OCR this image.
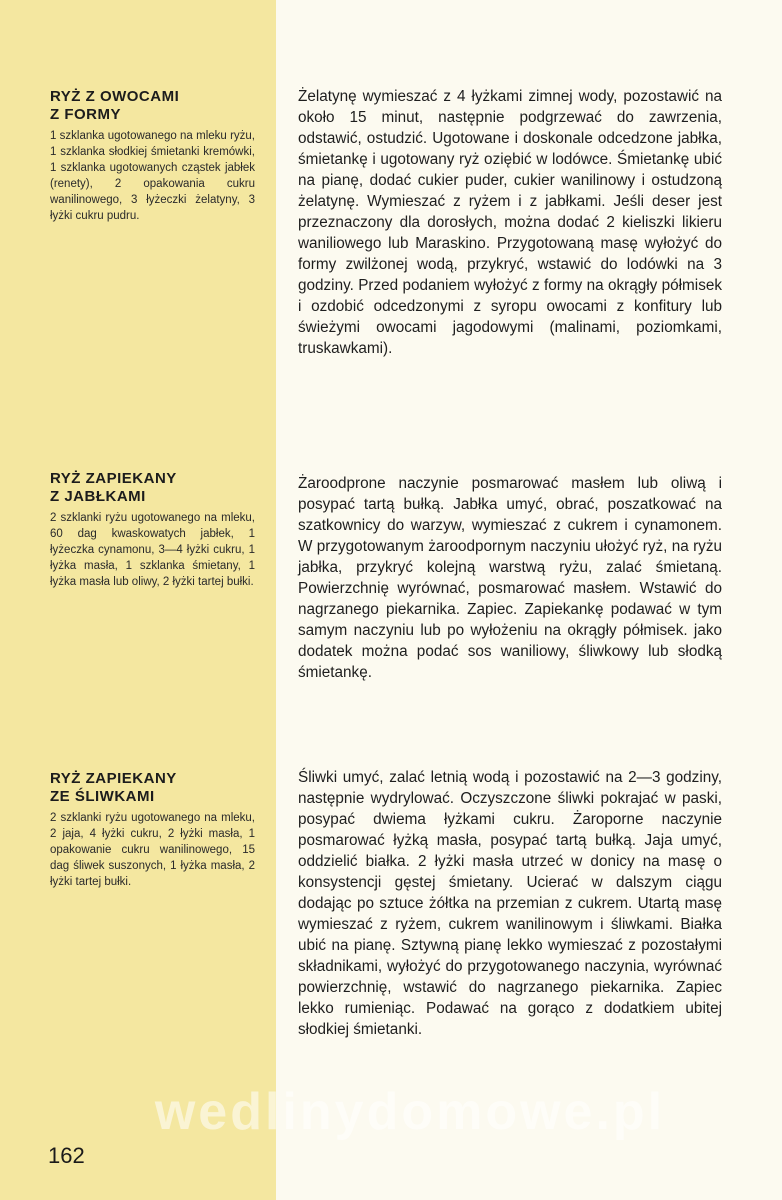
RYŻ Z OWOCAMI
Z FORMY

1 szklanka ugotowanego na mleku ryżu, 1 szklanka słodkiej śmietanki kremówki, 1 szklanka ugotowanych cząstek jabłek (renety), 2 opakowania cukru wanilinowego, 3 łyżeczki żelatyny, 3 łyżki cukru pudru.

Żelatynę wymieszać z 4 łyżkami zimnej wody, pozostawić na około 15 minut, następnie podgrzewać do zawrzenia, odstawić, ostudzić. Ugotowane i doskonale odcedzone jabłka, śmietankę i ugotowany ryż oziębić w lodówce. Śmietankę ubić na pianę, dodać cukier puder, cukier wanilinowy i ostudzoną żelatynę. Wymieszać z ryżem i z jabłkami. Jeśli deser jest przeznaczony dla dorosłych, można dodać 2 kieliszki likieru waniliowego lub Maraskino. Przygotowaną masę wyłożyć do formy zwilżonej wodą, przykryć, wstawić do lodówki na 3 godziny. Przed podaniem wyłożyć z formy na okrągły półmisek i ozdobić odcedzonymi z syropu owocami z konfitury lub świeżymi owocami jagodowymi (malinami, poziomkami, truskawkami).

RYŻ ZAPIEKANY
Z JABŁKAMI

2 szklanki ryżu ugotowanego na mleku, 60 dag kwaskowatych jabłek, 1 łyżeczka cynamonu, 3—4 łyżki cukru, 1 łyżka masła, 1 szklanka śmietany, 1 łyżka masła lub oliwy, 2 łyżki tartej bułki.

Żaroodprone naczynie posmarować masłem lub oliwą i posypać tartą bułką. Jabłka umyć, obrać, poszatkować na szatkownicy do warzyw, wymieszać z cukrem i cynamonem. W przygotowanym żaroodpornym naczyniu ułożyć ryż, na ryżu jabłka, przykryć kolejną warstwą ryżu, zalać śmietaną. Powierzchnię wyrównać, posmarować masłem. Wstawić do nagrzanego piekarnika. Zapiec. Zapiekankę podawać w tym samym naczyniu lub po wyłożeniu na okrągły półmisek. jako dodatek można podać sos waniliowy, śliwkowy lub słodką śmietankę.

RYŻ ZAPIEKANY
ZE ŚLIWKAMI

2 szklanki ryżu ugotowanego na mleku, 2 jaja, 4 łyżki cukru, 2 łyżki masła, 1 opakowanie cukru wanilinowego, 15 dag śliwek suszonych, 1 łyżka masła, 2 łyżki tartej bułki.

Śliwki umyć, zalać letnią wodą i pozostawić na 2—3 godziny, następnie wydrylować. Oczyszczone śliwki pokrajać w paski, posypać dwiema łyżkami cukru. Żaroporne naczynie posmarować łyżką masła, posypać tartą bułką. Jaja umyć, oddzielić białka. 2 łyżki masła utrzeć w donicy na masę o konsystencji gęstej śmietany. Ucierać w dalszym ciągu dodając po sztuce żółtka na przemian z cukrem. Utartą masę wymieszać z ryżem, cukrem wanilinowym i śliwkami. Białka ubić na pianę. Sztywną pianę lekko wymieszać z pozostałymi składnikami, wyłożyć do przygotowanego naczynia, wyrównać powierzchnię, wstawić do nagrzanego piekarnika. Zapiec lekko rumieniąc. Podawać na gorąco z dodatkiem ubitej słodkiej śmietanki.

wedlinydomowe.pl

162
